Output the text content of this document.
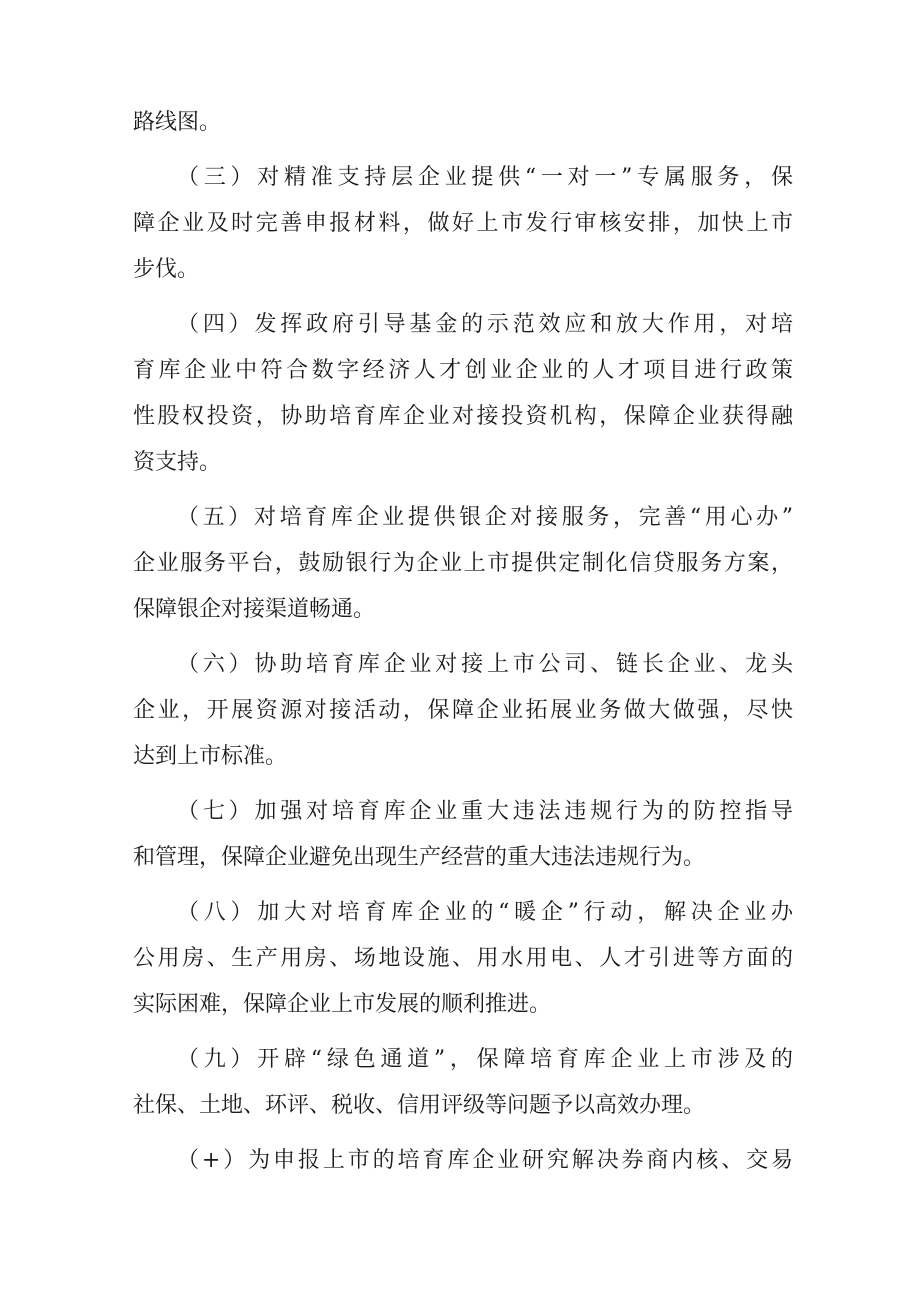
路线图。
（三）对精准支持层企业提供“一对一”专属服务，保
障企业及时完善申报材料，做好上市发行审核安排，加快上市
步伐。
（四）发挥政府引导基金的示范效应和放大作用，对培
育库企业中符合数字经济人才创业企业的人才项目进行政策
性股权投资，协助培育库企业对接投资机构，保障企业获得融
资支持。
（五）对培育库企业提供银企对接服务，完善“用心办”
企业服务平台，鼓励银行为企业上市提供定制化信贷服务方案，
保障银企对接渠道畅通。
（六）协助培育库企业对接上市公司、链长企业、龙头
企业，开展资源对接活动，保障企业拓展业务做大做强，尽快
达到上市标准。
（七）加强对培育库企业重大违法违规行为的防控指导
和管理，保障企业避免出现生产经营的重大违法违规行为。
（八）加大对培育库企业的“暖企”行动，解决企业办
公用房、生产用房、场地设施、用水用电、人才引进等方面的
实际困难，保障企业上市发展的顺利推进。
（九）开辟“绿色通道”，保障培育库企业上市涉及的
社保、土地、环评、税收、信用评级等问题予以高效办理。
（+）为申报上市的培育库企业研究解决券商内核、交易
